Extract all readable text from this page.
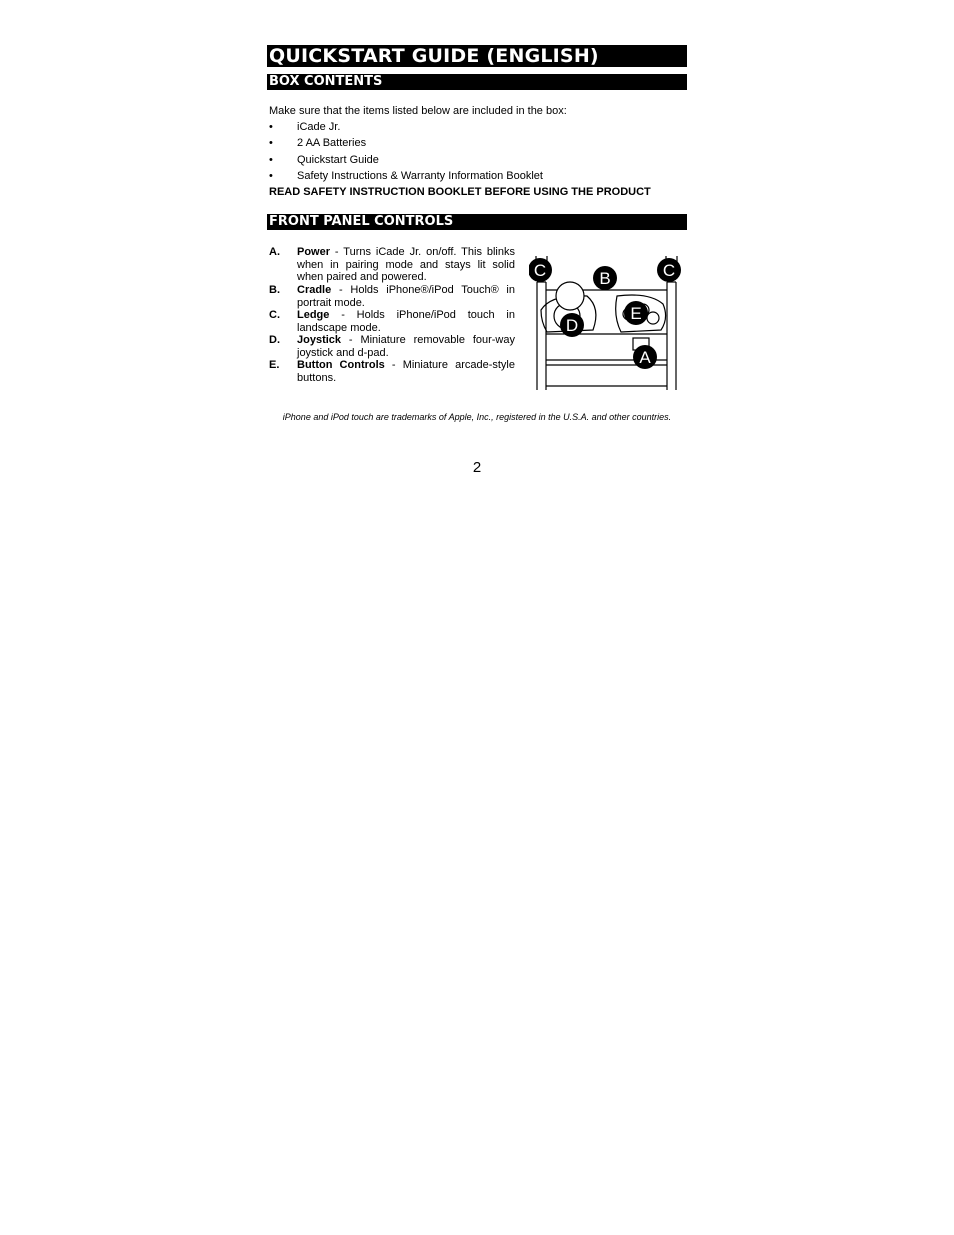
QUICKSTART GUIDE (ENGLISH)
BOX CONTENTS
Make sure that the items listed below are included in the box:
• iCade Jr.
• 2 AA Batteries
• Quickstart Guide
• Safety Instructions & Warranty Information Booklet
READ SAFETY INSTRUCTION BOOKLET BEFORE USING THE PRODUCT
FRONT PANEL CONTROLS
A. Power - Turns iCade Jr. on/off. This blinks when in pairing mode and stays lit solid when paired and powered.
B. Cradle - Holds iPhone®/iPod Touch® in portrait mode.
C. Ledge - Holds iPhone/iPod touch in landscape mode.
D. Joystick - Miniature removable four-way joystick and d-pad.
E. Button Controls - Miniature arcade-style buttons.
C	B	C
D
E
A
iPhone and iPod touch are trademarks of Apple, Inc., registered in the U.S.A. and other countries.
2
